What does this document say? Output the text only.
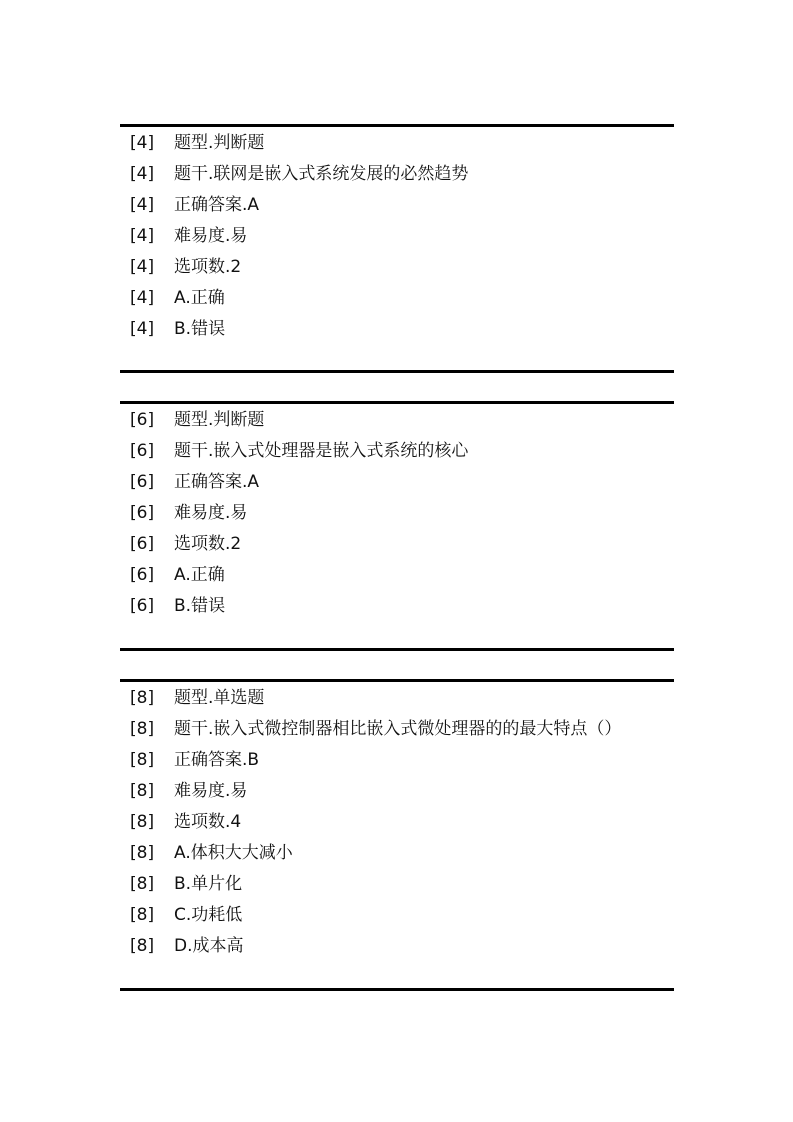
[4]	题型.判断题
[4]	题干.联网是嵌入式系统发展的必然趋势
[4]	正确答案.A
[4]	难易度.易
[4]	选项数.2
[4]	A.正确
[4]	B.错误
[6]	题型.判断题
[6]	题干.嵌入式处理器是嵌入式系统的核心
[6]	正确答案.A
[6]	难易度.易
[6]	选项数.2
[6]	A.正确
[6]	B.错误
[8]	题型.单选题
[8]	题干.嵌入式微控制器相比嵌入式微处理器的的最大特点（）
[8]	正确答案.B
[8]	难易度.易
[8]	选项数.4
[8]	A.体积大大减小
[8]	B.单片化
[8]	C.功耗低
[8]	D.成本高
